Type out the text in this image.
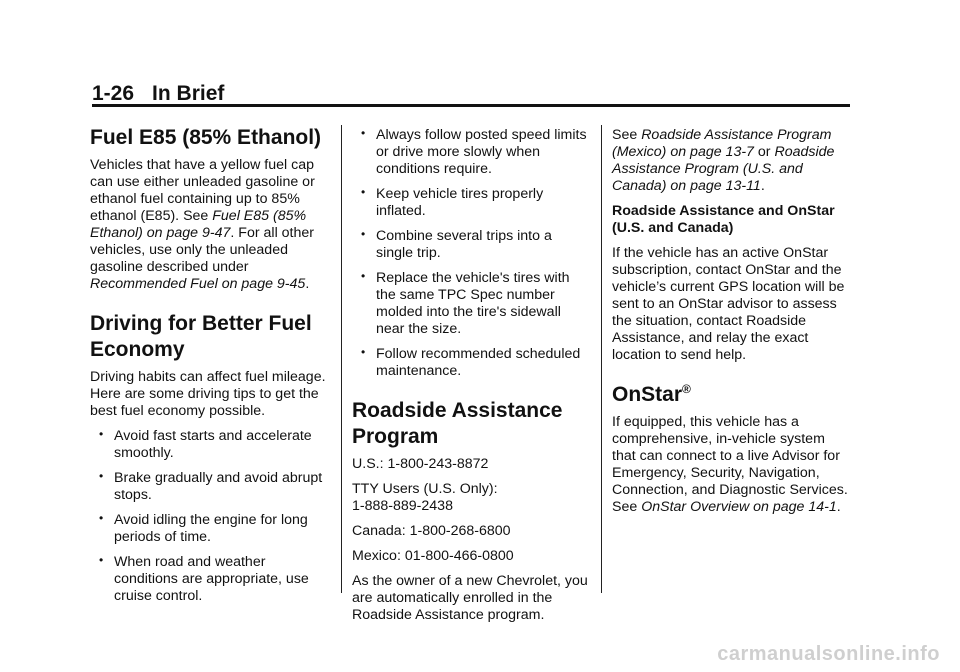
1-26 In Brief
Fuel E85 (85% Ethanol)

Vehicles that have a yellow fuel cap can use either unleaded gasoline or ethanol fuel containing up to 85% ethanol (E85). See Fuel E85 (85% Ethanol) on page 9-47. For all other vehicles, use only the unleaded gasoline described under Recommended Fuel on page 9-45.

Driving for Better Fuel Economy

Driving habits can affect fuel mileage. Here are some driving tips to get the best fuel economy possible.

• Avoid fast starts and accelerate smoothly.
• Brake gradually and avoid abrupt stops.
• Avoid idling the engine for long periods of time.
• When road and weather conditions are appropriate, use cruise control.
• Always follow posted speed limits or drive more slowly when conditions require.
• Keep vehicle tires properly inflated.
• Combine several trips into a single trip.
• Replace the vehicle's tires with the same TPC Spec number molded into the tire's sidewall near the size.
• Follow recommended scheduled maintenance.
Roadside Assistance Program

U.S.: 1-800-243-8872

TTY Users (U.S. Only):
1-888-889-2438

Canada: 1-800-268-6800

Mexico: 01-800-466-0800

As the owner of a new Chevrolet, you are automatically enrolled in the Roadside Assistance program.

See Roadside Assistance Program (Mexico) on page 13-7 or Roadside Assistance Program (U.S. and Canada) on page 13-11.

Roadside Assistance and OnStar (U.S. and Canada)

If the vehicle has an active OnStar subscription, contact OnStar and the vehicle’s current GPS location will be sent to an OnStar advisor to assess the situation, contact Roadside Assistance, and relay the exact location to send help.

OnStar®

If equipped, this vehicle has a comprehensive, in-vehicle system that can connect to a live Advisor for Emergency, Security, Navigation, Connection, and Diagnostic Services. See OnStar Overview on page 14-1.

carmanualsonline.info
